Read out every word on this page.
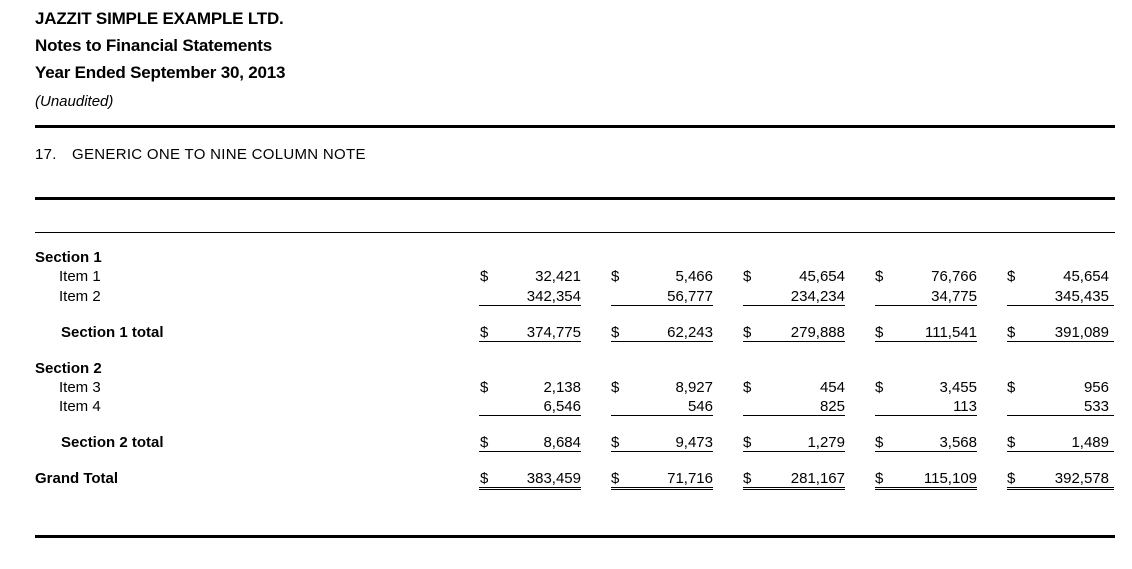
JAZZIT SIMPLE EXAMPLE LTD.
Notes to Financial Statements
Year Ended September 30, 2013
(Unaudited)
17. GENERIC ONE TO NINE COLUMN NOTE
Section 1
Item 1	$	32,421 $	5,466 $	45,654 $	76,766 $	45,654
Item 2	342,354	56,777	234,234	34,775	345,435
Section 1 total	$	374,775 $	62,243 $	279,888 $	111,541 $	391,089
Section 2
Item 3	$	2,138 $	8,927 $	454 $	3,455 $	956
Item 4	6,546	546	825	113	533
Section 2 total	$	8,684 $	9,473 $	1,279 $	3,568 $	1,489
Grand Total	$	383,459 $	71,716 $	281,167 $	115,109 $	392,578
